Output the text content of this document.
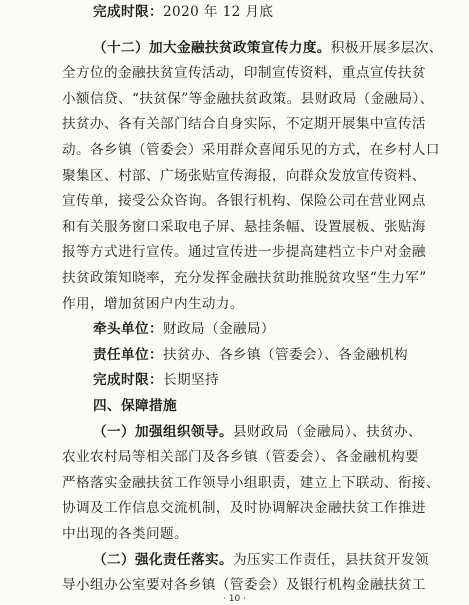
完成时限：2020 年 12 月底
（十二）加大金融扶贫政策宣传力度。积极开展多层次、
全方位的金融扶贫宣传活动，印制宣传资料，重点宣传扶贫
小额信贷、“扶贫保”等金融扶贫政策。县财政局（金融局）、
扶贫办、各有关部门结合自身实际，不定期开展集中宣传活
动。各乡镇（管委会）采用群众喜闻乐见的方式，在乡村人口
聚集区、村部、广场张贴宣传海报，向群众发放宣传资料、
宣传单，接受公众咨询。各银行机构、保险公司在营业网点
和有关服务窗口采取电子屏、悬挂条幅、设置展板、张贴海
报等方式进行宣传。通过宣传进一步提高建档立卡户对金融
扶贫政策知晓率，充分发挥金融扶贫助推脱贫攻坚“生力军”
作用，增加贫困户内生动力。
牵头单位：财政局（金融局）
责任单位：扶贫办、各乡镇（管委会）、各金融机构
完成时限：长期坚持
四、保障措施
（一）加强组织领导。县财政局（金融局）、扶贫办、
农业农村局等相关部门及各乡镇（管委会）、各金融机构要
严格落实金融扶贫工作领导小组职责，建立上下联动、衔接、
协调及工作信息交流机制，及时协调解决金融扶贫工作推进
· 10 ·
中出现的各类问题。
（二）强化责任落实。为压实工作责任，县扶贫开发领
导小组办公室要对各乡镇（管委会）及银行机构金融扶贫工
